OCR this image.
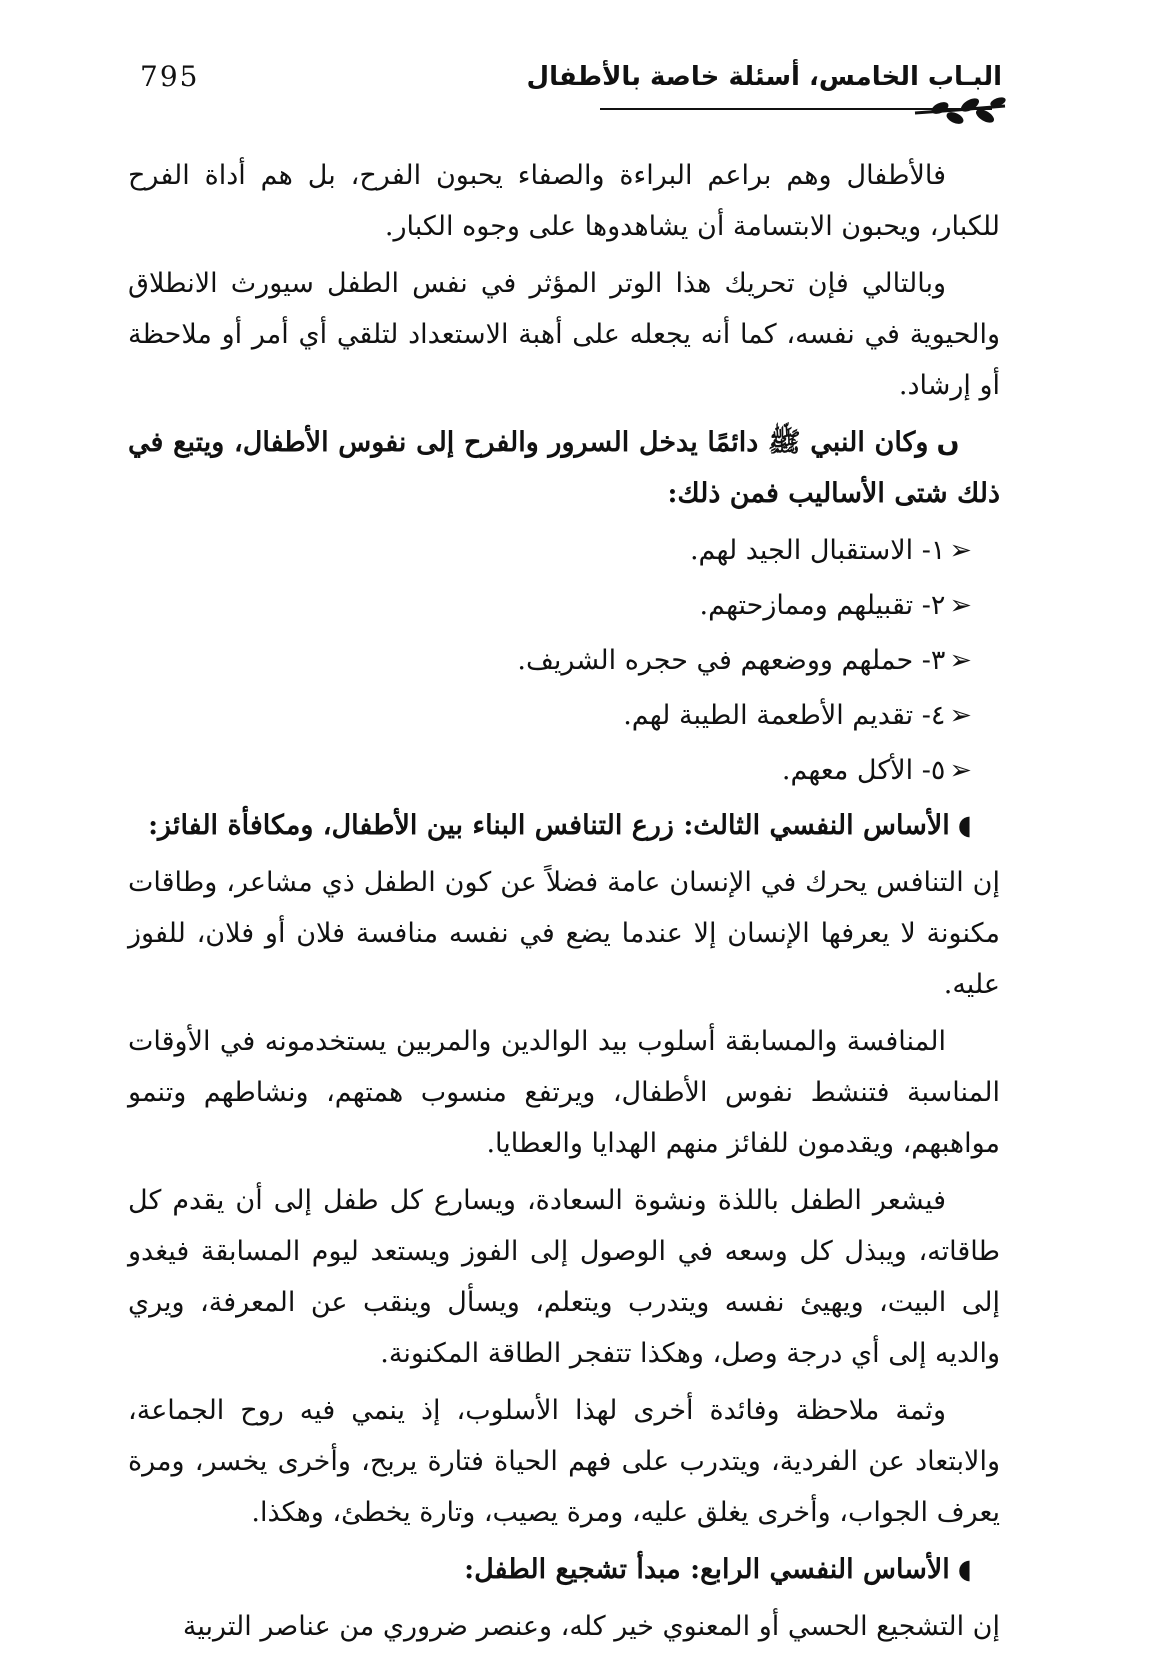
795	البـاب الخامس، أسئلة خاصة بالأطفال

فالأطفال وهم براعم البراءة والصفاء يحبون الفرح، بل هم أداة الفرح للكبار، ويحبون الابتسامة أن يشاهدوها على وجوه الكبار.

وبالتالي فإن تحريك هذا الوتر المؤثر في نفس الطفل سيورث الانطلاق والحيوية في نفسه، كما أنه يجعله على أهبة الاستعداد لتلقي أي أمر أو ملاحظة أو إرشاد.

ﮞوكان النبي ﷺ دائمًا يدخل السرور والفرح إلى نفوس الأطفال، ويتبع في ذلك شتى الأساليب فمن ذلك:

➢١- الاستقبال الجيد لهم.
➢٢- تقبيلهم وممازحتهم.
➢٣- حملهم ووضعهم في حجره الشريف.
➢٤- تقديم الأطعمة الطيبة لهم.
➢٥- الأكل معهم.
◖الأساس النفسي الثالث: زرع التنافس البناء بين الأطفال، ومكافأة الفائز:

إن التنافس يحرك في الإنسان عامة فضلاً عن كون الطفل ذي مشاعر، وطاقات مكنونة لا يعرفها الإنسان إلا عندما يضع في نفسه منافسة فلان أو فلان، للفوز عليه.

المنافسة والمسابقة أسلوب بيد الوالدين والمربين يستخدمونه في الأوقات المناسبة فتنشط نفوس الأطفال، ويرتفع منسوب همتهم، ونشاطهم وتنمو مواهبهم، ويقدمون للفائز منهم الهدايا والعطايا.

فيشعر الطفل باللذة ونشوة السعادة، ويسارع كل طفل إلى أن يقدم كل طاقاته، ويبذل كل وسعه في الوصول إلى الفوز ويستعد ليوم المسابقة فيغدو إلى البيت، ويهيئ نفسه ويتدرب ويتعلم، ويسأل وينقب عن المعرفة، ويري والديه إلى أي درجة وصل، وهكذا تتفجر الطاقة المكنونة.

وثمة ملاحظة وفائدة أخرى لهذا الأسلوب، إذ ينمي فيه روح الجماعة، والابتعاد عن الفردية، ويتدرب على فهم الحياة فتارة يربح، وأخرى يخسر، ومرة يعرف الجواب، وأخرى يغلق عليه، ومرة يصيب، وتارة يخطئ، وهكذا.

◖الأساس النفسي الرابع: مبدأ تشجيع الطفل:

إن التشجيع الحسي أو المعنوي خير كله، وعنصر ضروري من عناصر التربية
